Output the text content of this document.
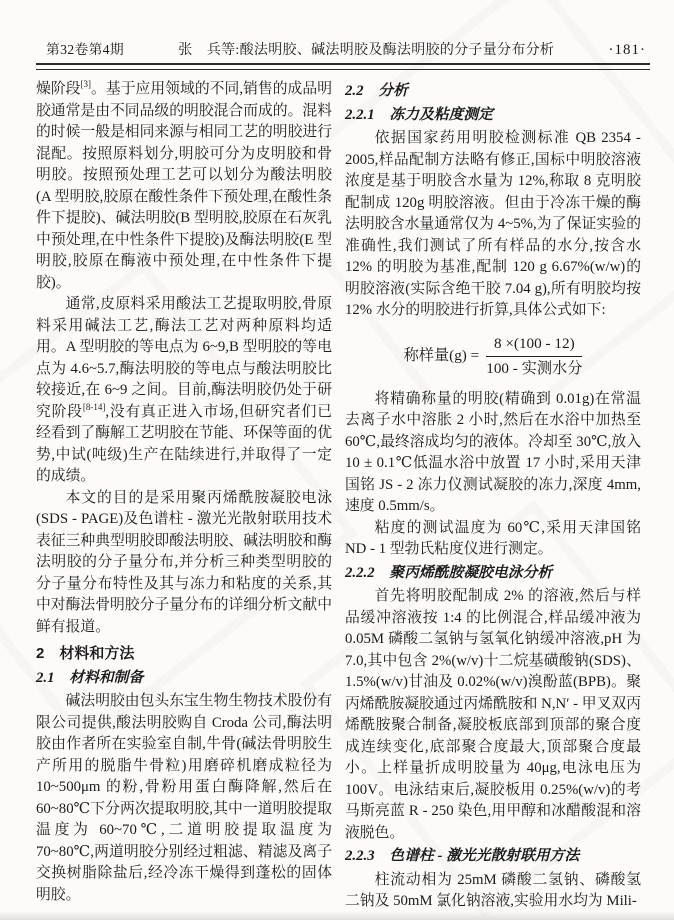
第32卷第4期	张　兵等:酸法明胶、碱法明胶及酶法明胶的分子量分布分析	·181·

燥阶段[3]。基于应用领域的不同,销售的成品明胶通常是由不同品级的明胶混合而成的。混料的时候一般是相同来源与相同工艺的明胶进行混配。按照原料划分,明胶可分为皮明胶和骨明胶。按照预处理工艺可以划分为酸法明胶(A 型明胶,胶原在酸性条件下预处理,在酸性条件下提胶)、碱法明胶(B 型明胶,胶原在石灰乳中预处理,在中性条件下提胶)及酶法明胶(E 型明胶,胶原在酶液中预处理,在中性条件下提胶)。

通常,皮原料采用酸法工艺提取明胶,骨原料采用碱法工艺,酶法工艺对两种原料均适用。A 型明胶的等电点为 6~9,B 型明胶的等电点为 4.6~5.7,酶法明胶的等电点与酸法明胶比较接近,在 6~9 之间。目前,酶法明胶仍处于研究阶段[8-14],没有真正进入市场,但研究者们已经看到了酶解工艺明胶在节能、环保等面的优势,中试(吨级)生产在陆续进行,并取得了一定的成绩。

本文的目的是采用聚丙烯酰胺凝胶电泳(SDS - PAGE)及色谱柱 - 激光光散射联用技术表征三种典型明胶即酸法明胶、碱法明胶和酶法明胶的分子量分布,并分析三种类型明胶的分子量分布特性及其与冻力和粘度的关系,其中对酶法骨明胶分子量分布的详细分析文献中鲜有报道。

2　材料和方法
2.1　材料和制备

碱法明胶由包头东宝生物生物技术股份有限公司提供,酸法明胶购自 Croda 公司,酶法明胶由作者所在实验室自制,牛骨(碱法骨明胶生产所用的脱脂牛骨粒)用磨碎机磨成粒径为 10~500μm 的粉,骨粉用蛋白酶降解,然后在 60~80℃下分两次提取明胶,其中一道明胶提取温度为 60~70℃,二道明胶提取温度为 70~80℃,两道明胶分别经过粗滤、精滤及离子交换树脂除盐后,经冷冻干燥得到蓬松的固体明胶。

2.2　分析
2.2.1　冻力及粘度测定

依据国家药用明胶检测标准 QB 2354 - 2005,样品配制方法略有修正,国标中明胶溶液浓度是基于明胶含水量为 12%,称取 8 克明胶配制成 120g 明胶溶液。但由于冷冻干燥的酶法明胶含水量通常仅为 4~5%,为了保证实验的准确性,我们测试了所有样品的水分,按含水 12% 的明胶为基准,配制 120 g 6.67%(w/w)的明胶溶液(实际含绝干胶 7.04 g),所有明胶均按 12% 水分的明胶进行折算,具体公式如下:

称样量$(g) = \frac{8 \times(100 - 12)}{\text{100 - 实测水分}}$

将精确称量的明胶(精确到 0.01g)在常温去离子水中溶胀 2 小时,然后在水浴中加热至 60℃,最终溶成均匀的液体。冷却至 30℃,放入 10 ± 0.1℃低温水浴中放置 17 小时,采用天津国铭 JS - 2 冻力仪测试凝胶的冻力,深度 4mm,速度 0.5mm/s。

粘度的测试温度为 60℃,采用天津国铭 ND - 1 型勃氏粘度仪进行测定。

2.2.2　聚丙烯酰胺凝胶电泳分析

首先将明胶配制成 2% 的溶液,然后与样品缓冲溶液按 1:4 的比例混合,样品缓冲液为 0.05M 磷酸二氢钠与氢氧化钠缓冲溶液,pH 为 7.0,其中包含 2%(w/v)十二烷基磺酸钠(SDS)、1.5%(w/v)甘油及 0.02%(w/v)溴酚蓝(BPB)。聚丙烯酰胺凝胶通过丙烯酰胺和 N,N′ - 甲叉双丙烯酰胺聚合制备,凝胶板底部到顶部的聚合度成连续变化,底部聚合度最大,顶部聚合度最小。上样量折成明胶量为 40μg,电泳电压为 100V。电泳结束后,凝胶板用 0.25%(w/v)的考马斯亮蓝 R - 250 染色,用甲醇和冰醋酸混和溶液脱色。

2.2.3　色谱柱 - 激光光散射联用方法

柱流动相为 25mM 磷酸二氢钠、磷酸氢二钠及 50mM 氯化钠溶液,实验用水均为 Mili-
